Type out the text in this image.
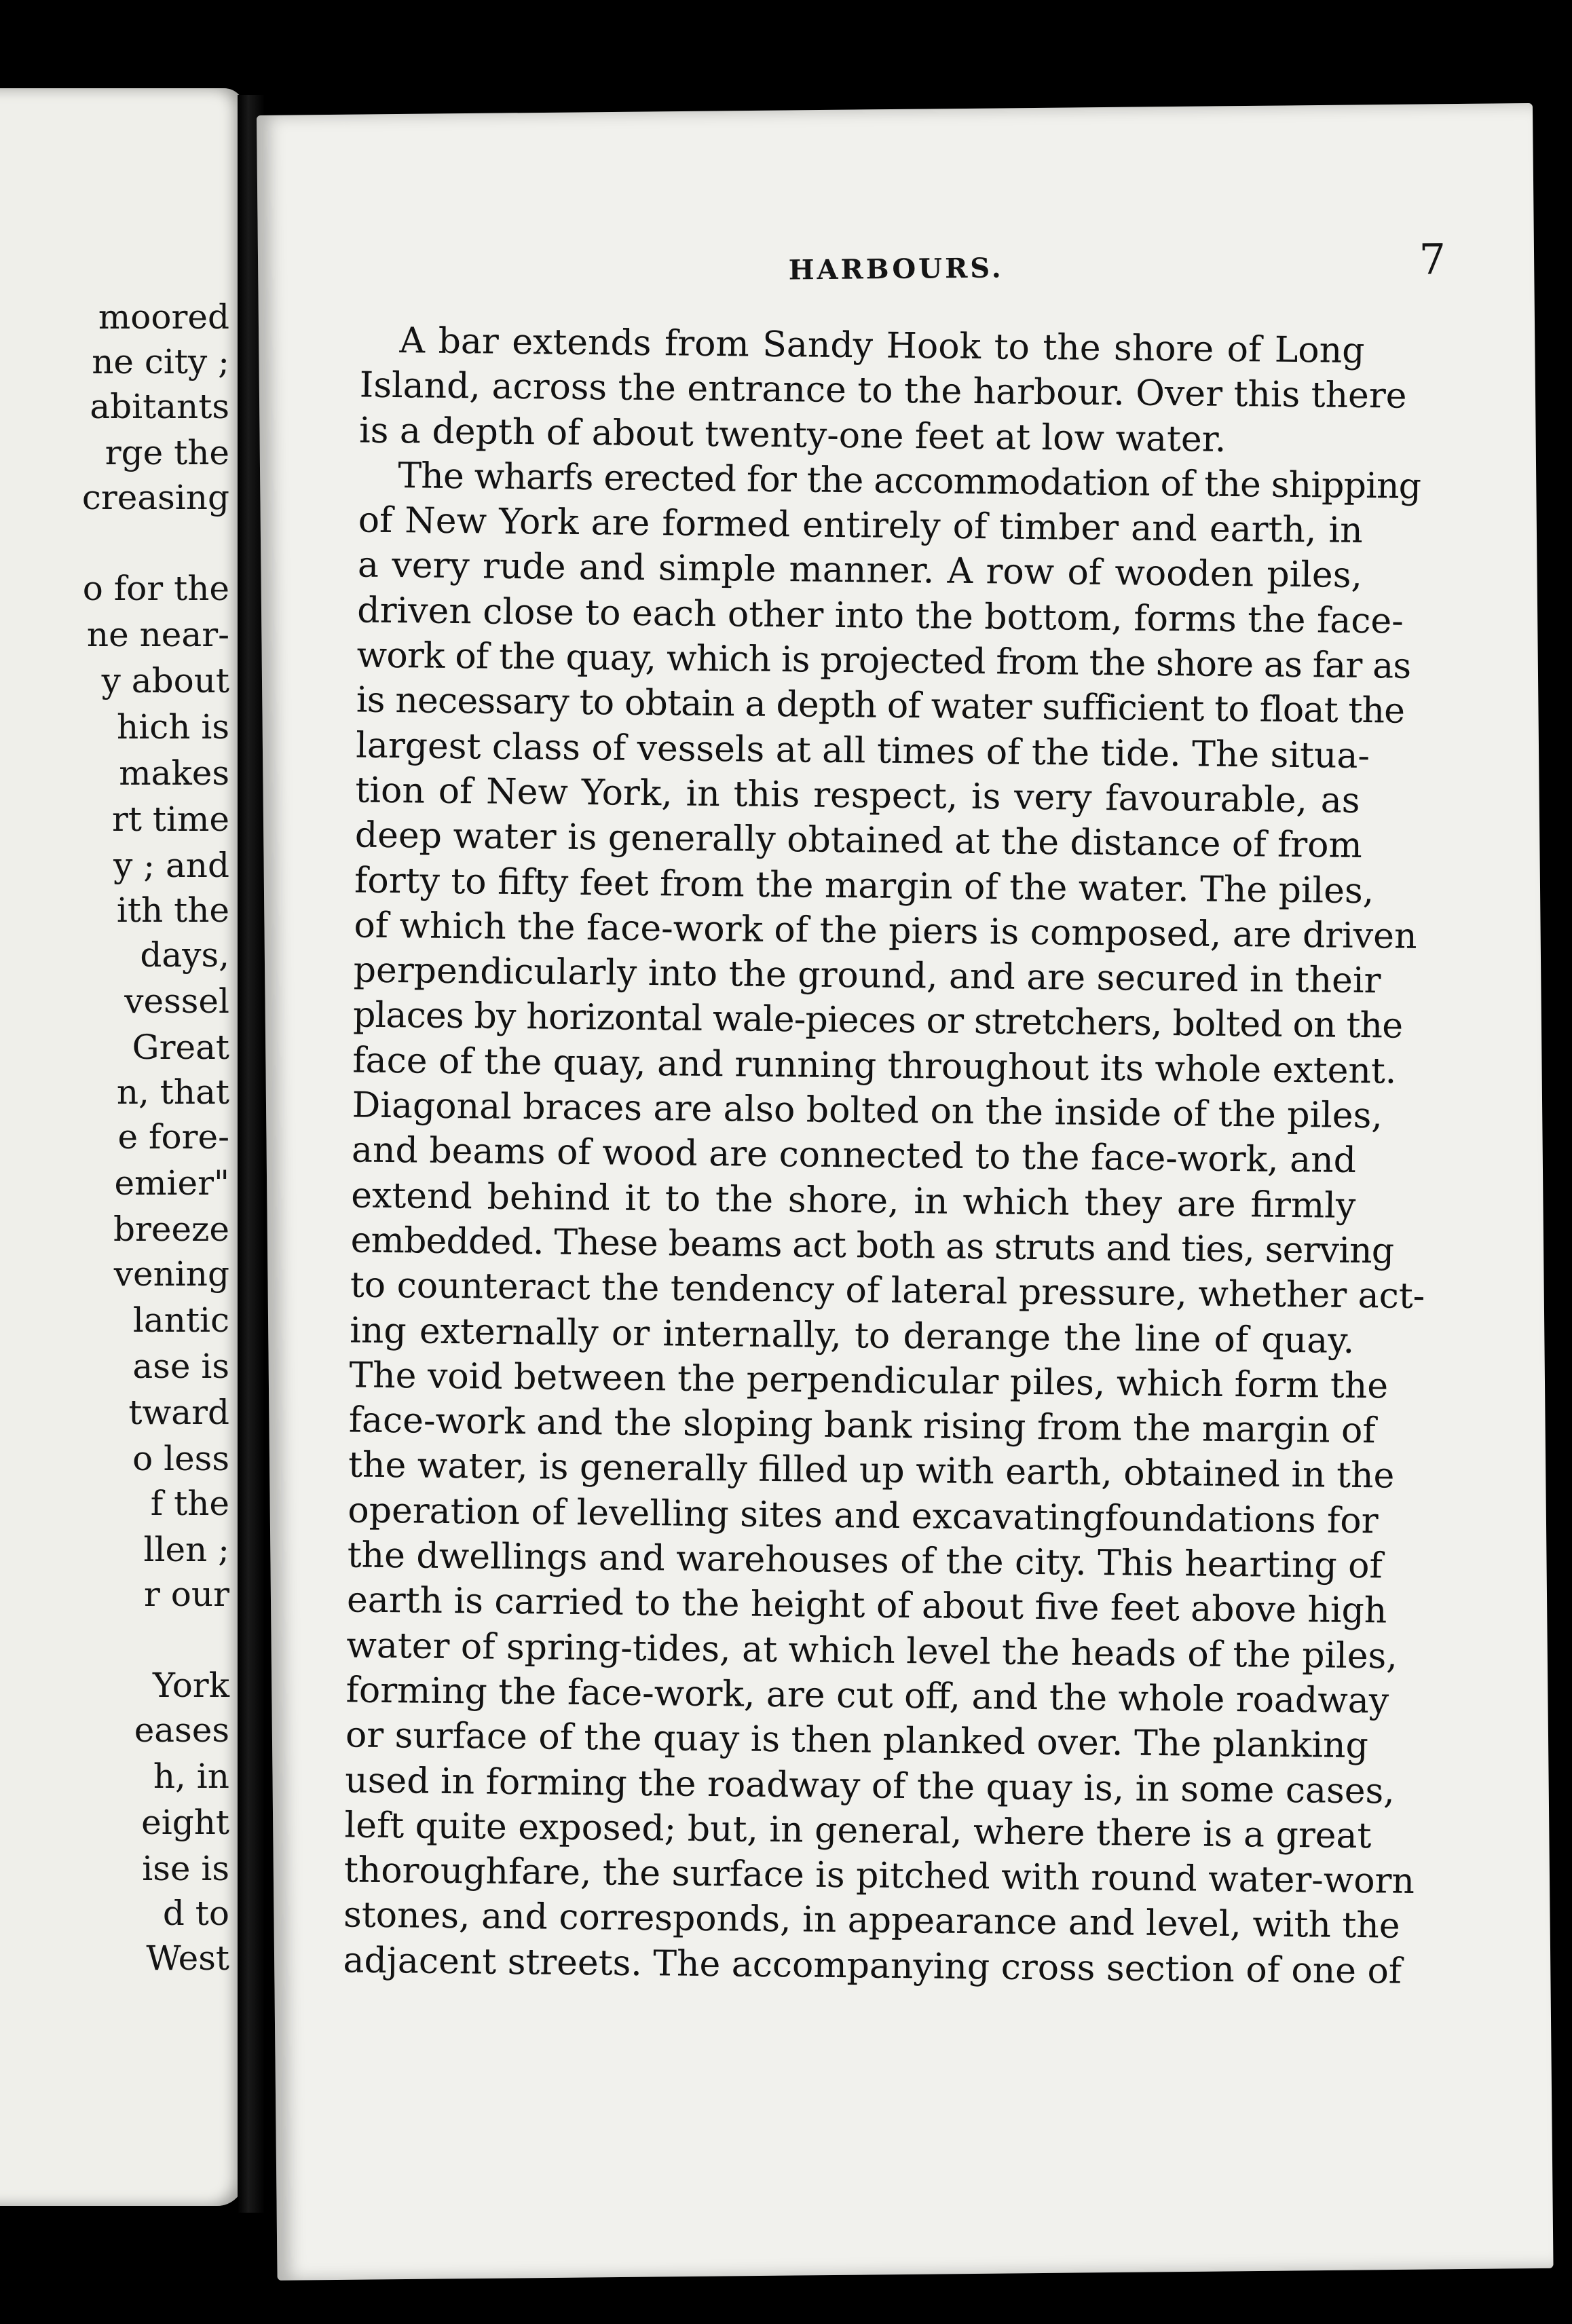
moored

ne city ;

abitants

rge the

creasing

o for the

ne near-

y about

hich is

makes

rt time

y ; and

ith the

days,

vessel

Great

n, that

e fore-

emier"

breeze

vening

lantic

ase is

tward

o less

f the

llen ;

r our

York

eases

h, in

eight

ise is

d to

West

HARBOURS.	7

A bar extends from Sandy Hook to the shore of Long
Island, across the entrance to the harbour. Over this there
is a depth of about twenty-one feet at low water.
The wharfs erected for the accommodation of the shipping
of New York are formed entirely of timber and earth, in
a very rude and simple manner. A row of wooden piles,
driven close to each other into the bottom, forms the face-
work of the quay, which is projected from the shore as far as
is necessary to obtain a depth of water sufficient to float the
largest class of vessels at all times of the tide. The situa-
tion of New York, in this respect, is very favourable, as
deep water is generally obtained at the distance of from
forty to fifty feet from the margin of the water. The piles,
of which the face-work of the piers is composed, are driven
perpendicularly into the ground, and are secured in their
places by horizontal wale-pieces or stretchers, bolted on the
face of the quay, and running throughout its whole extent.
Diagonal braces are also bolted on the inside of the piles,
and beams of wood are connected to the face-work, and
extend behind it to the shore, in which they are firmly
embedded. These beams act both as struts and ties, serving
to counteract the tendency of lateral pressure, whether act-
ing externally or internally, to derange the line of quay.
The void between the perpendicular piles, which form the
face-work and the sloping bank rising from the margin of
the water, is generally filled up with earth, obtained in the
operation of levelling sites and excavatingfoundations for
the dwellings and warehouses of the city. This hearting of
earth is carried to the height of about five feet above high
water of spring-tides, at which level the heads of the piles,
forming the face-work, are cut off, and the whole roadway
or surface of the quay is then planked over. The planking
used in forming the roadway of the quay is, in some cases,
left quite exposed; but, in general, where there is a great
thoroughfare, the surface is pitched with round water-worn
stones, and corresponds, in appearance and level, with the
adjacent streets. The accompanying cross section of one of
